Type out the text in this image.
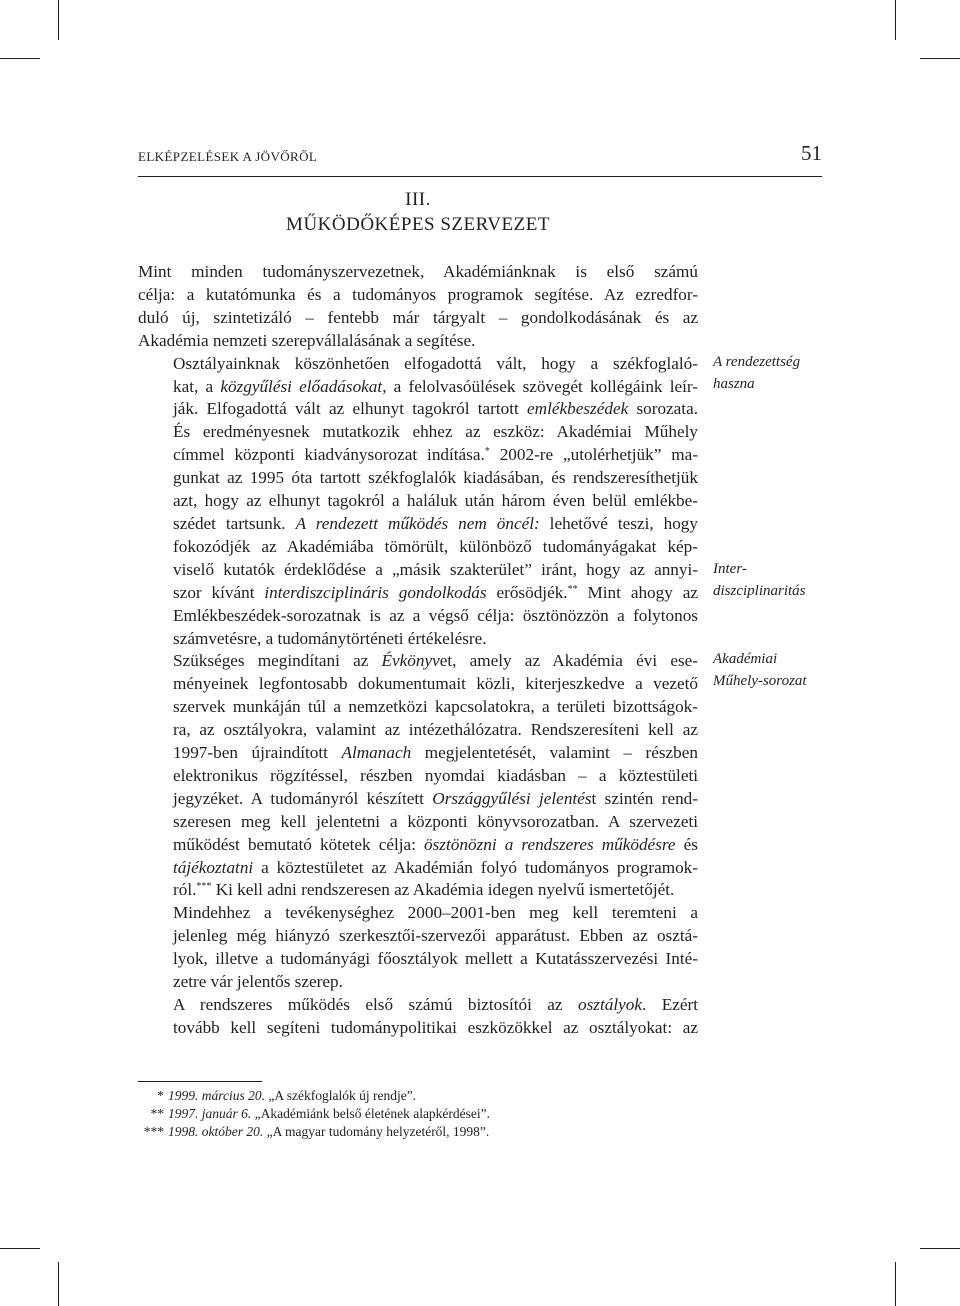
ELKÉPZELÉSEK A JÖVŐRŐL	51
III.
MŰKÖDŐKÉPES SZERVEZET

Mint minden tudományszervezetnek, Akadémiánknak is első számú
célja: a kutatómunka és a tudományos programok segítése. Az ezredfor-
duló új, szintetizáló – fentebb már tárgyalt – gondolkodásának és az
Akadémia nemzeti szerepvállalásának a segítése.

Osztályainknak köszönhetően elfogadottá vált, hogy a székfoglaló-
kat, a közgyűlési előadásokat, a felolvasóülések szövegét kollégáink leír-
ják. Elfogadottá vált az elhunyt tagokról tartott emlékbeszédek sorozata.
És eredményesnek mutatkozik ehhez az eszköz: Akadémiai Műhely
címmel központi kiadványsorozat indítása.* 2002-re „utolérhetjük” ma-
gunkat az 1995 óta tartott székfoglalók kiadásában, és rendszeresíthetjük
azt, hogy az elhunyt tagokról a haláluk után három éven belül emlékbe-
szédet tartsunk. A rendezett működés nem öncél: lehetővé teszi, hogy
fokozódjék az Akadémiába tömörült, különböző tudományágakat kép-
viselő kutatók érdeklődése a „másik szakterület” iránt, hogy az annyi-
szor kívánt interdiszciplináris gondolkodás erősödjék.** Mint ahogy az
Emlékbeszédek-sorozatnak is az a végső célja: ösztönözzön a folytonos
számvetésre, a tudománytörténeti értékelésre.

Szükséges megindítani az Évkönyvet, amely az Akadémia évi ese-
ményeinek legfontosabb dokumentumait közli, kiterjeszkedve a vezető
szervek munkáján túl a nemzetközi kapcsolatokra, a területi bizottságok-
ra, az osztályokra, valamint az intézethálózatra. Rendszeresíteni kell az
1997-ben újraindított Almanach megjelentetését, valamint – részben
elektronikus rögzítéssel, részben nyomdai kiadásban – a köztestületi
jegyzéket. A tudományról készített Országgyűlési jelentést szintén rend-
szeresen meg kell jelentetni a központi könyvsorozatban. A szervezeti
működést bemutató kötetek célja: ösztönözni a rendszeres működésre és
tájékoztatni a köztestületet az Akadémián folyó tudományos programok-
ról.*** Ki kell adni rendszeresen az Akadémia idegen nyelvű ismertetőjét.

Mindehhez a tevékenységhez 2000–2001-ben meg kell teremteni a
jelenleg még hiányzó szerkesztői-szervezői apparátust. Ebben az osztá-
lyok, illetve a tudományági főosztályok mellett a Kutatásszervezési Inté-
zetre vár jelentős szerep.

A rendszeres működés első számú biztosítói az osztályok. Ezért
tovább kell segíteni tudománypolitikai eszközökkel az osztályokat: az

A rendezettség
haszna
Inter-
diszciplinaritás
Akadémiai
Műhely-sorozat
* 1999. március 20. „A székfoglalók új rendje”.
** 1997. január 6. „Akadémiánk belső életének alapkérdései”.
*** 1998. október 20. „A magyar tudomány helyzetéről, 1998”.
